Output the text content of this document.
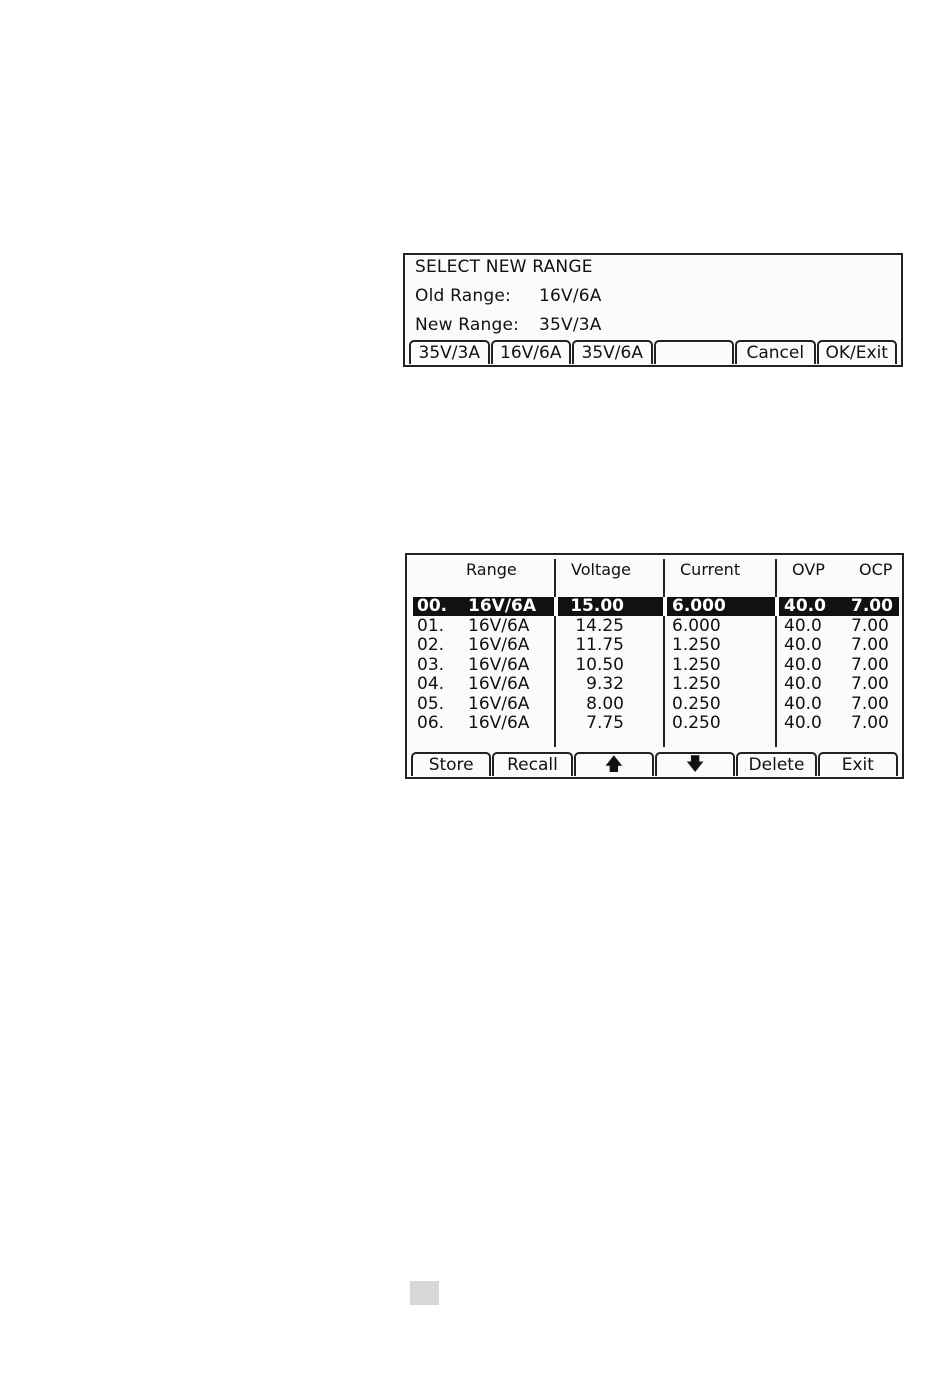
SELECT NEW RANGE
Old Range: 16V/6A
New Range: 35V/3A
35V/3A	16V/6A	35V/6A	Cancel	OK/Exit
Range	Voltage	Current	OVP OCP
00. 16V/6A 15.00	6.000	40.0 7.00
01. 16V/6A	14.25	6.000	40.0 7.00
02. 16V/6A	11.75	1.250	40.0 7.00
03. 16V/6A	10.50	1.250	40.0 7.00
04. 16V/6A	9.32	1.250	40.0 7.00
05. 16V/6A	8.00	0.250	40.0 7.00
06. 16V/6A	7.75	0.250	40.0 7.00
Store	Recall	🡅	🡇	Delete	Exit
